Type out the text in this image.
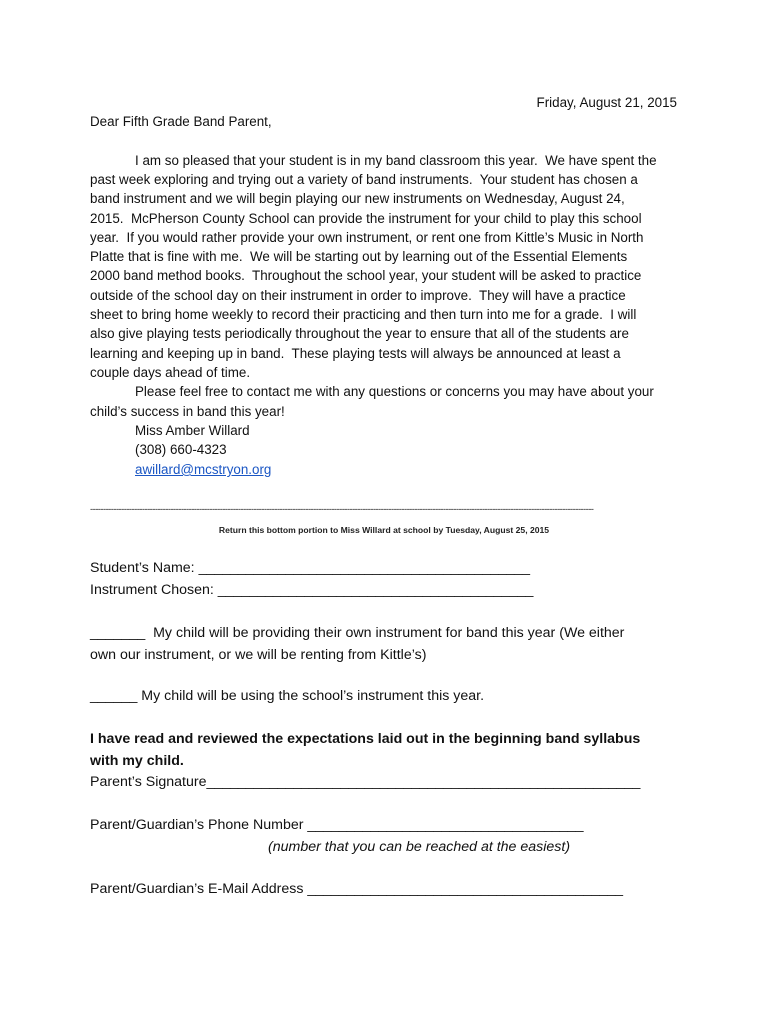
Friday, August 21, 2015
Dear Fifth Grade Band Parent,
I am so pleased that your student is in my band classroom this year.  We have spent the
past week exploring and trying out a variety of band instruments.  Your student has chosen a
band instrument and we will begin playing our new instruments on Wednesday, August 24,
2015.  McPherson County School can provide the instrument for your child to play this school
year.  If you would rather provide your own instrument, or rent one from Kittle’s Music in North
Platte that is fine with me.  We will be starting out by learning out of the Essential Elements
2000 band method books.  Throughout the school year, your student will be asked to practice
outside of the school day on their instrument in order to improve.  They will have a practice
sheet to bring home weekly to record their practicing and then turn into me for a grade.  I will
also give playing tests periodically throughout the year to ensure that all of the students are
learning and keeping up in band.  These playing tests will always be announced at least a
couple days ahead of time.
Please feel free to contact me with any questions or concerns you may have about your
child’s success in band this year!
Miss Amber Willard
(308) 660-4323
awillard@mcstryon.org
--------------------------------------------------------------------------------------------------------------------------------------------------------------------------------------------------
Return this bottom portion to Miss Willard at school by Tuesday, August 25, 2015
Student’s Name: __________________________________________
Instrument Chosen: ________________________________________
_______  My child will be providing their own instrument for band this year (We either
own our instrument, or we will be renting from Kittle’s)
______ My child will be using the school’s instrument this year.
I have read and reviewed the expectations laid out in the beginning band syllabus
with my child.
Parent’s Signature_______________________________________________________
Parent/Guardian’s Phone Number ___________________________________
(number that you can be reached at the easiest)
Parent/Guardian’s E-Mail Address ________________________________________
